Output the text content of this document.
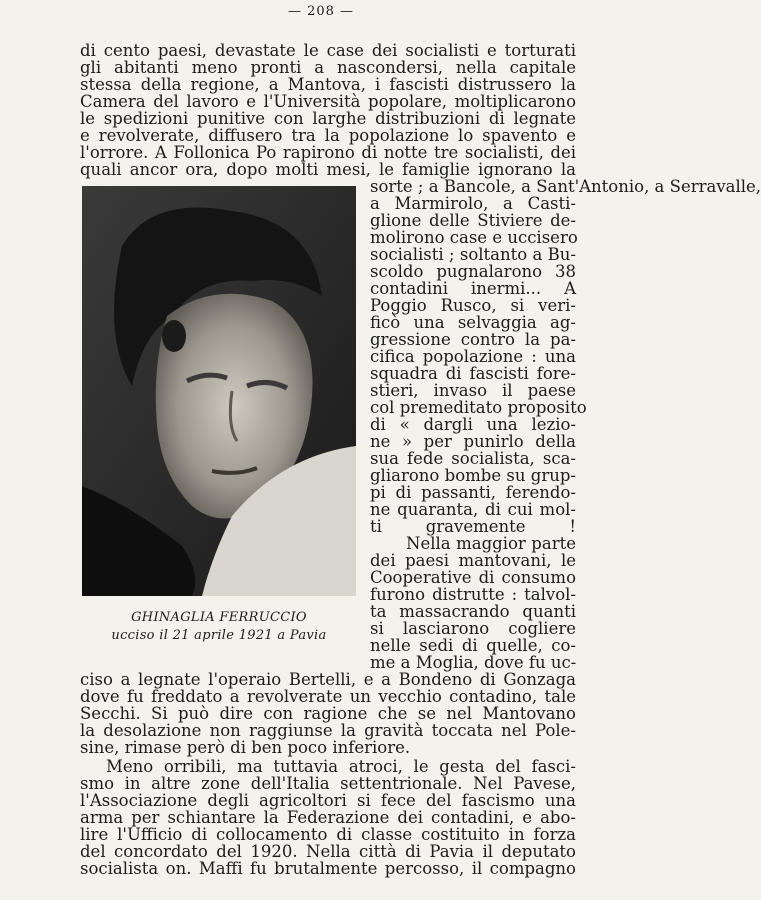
— 208 —
di cento paesi, devastate le case dei socialisti e torturati
gli abitanti meno pronti a nascondersi, nella capitale
stessa della regione, a Mantova, i fascisti distrussero la
Camera del lavoro e l'Università popolare, moltiplicarono
le spedizioni punitive con larghe distribuzioni di legnate
e revolverate, diffusero tra la popolazione lo spavento e
l'orrore. A Follonica Po rapirono di notte tre socialisti, dei
quali ancor ora, dopo molti mesi, le famiglie ignorano la
sorte ; a Bancole, a Sant'Antonio, a Serravalle,
a Marmirolo, a Casti-
glione delle Stiviere de-
molirono case e uccisero
socialisti ; soltanto a Bu-
scoldo pugnalarono 38
contadini inermi... A
Poggio Rusco, si veri-
ficò una selvaggia ag-
gressione contro la pa-
cifica popolazione : una
squadra di fascisti fore-
stieri, invaso il paese
col premeditato proposito
di « dargli una lezio-
ne » per punirlo della
sua fede socialista, sca-
gliarono bombe su grup-
pi di passanti, ferendo-
ne quaranta, di cui mol-
ti gravemente !
Nella maggior parte
dei paesi mantovani, le
Cooperative di consumo
furono distrutte : talvol-
ta massacrando quanti
si lasciarono cogliere
nelle sedi di quelle, co-
me a Moglia, dove fu uc-
GHINAGLIA FERRUCCIO
ucciso il 21 aprile 1921 a Pavia
ciso a legnate l'operaio Bertelli, e a Bondeno di Gonzaga
dove fu freddato a revolverate un vecchio contadino, tale
Secchi. Si può dire con ragione che se nel Mantovano
la desolazione non raggiunse la gravità toccata nel Pole-
sine, rimase però di ben poco inferiore.
Meno orribili, ma tuttavia atroci, le gesta del fasci-
smo in altre zone dell'Italia settentrionale. Nel Pavese,
l'Associazione degli agricoltori si fece del fascismo una
arma per schiantare la Federazione dei contadini, e abo-
lire l'Ufficio di collocamento di classe costituito in forza
del concordato del 1920. Nella città di Pavia il deputato
socialista on. Maffi fu brutalmente percosso, il compagno
